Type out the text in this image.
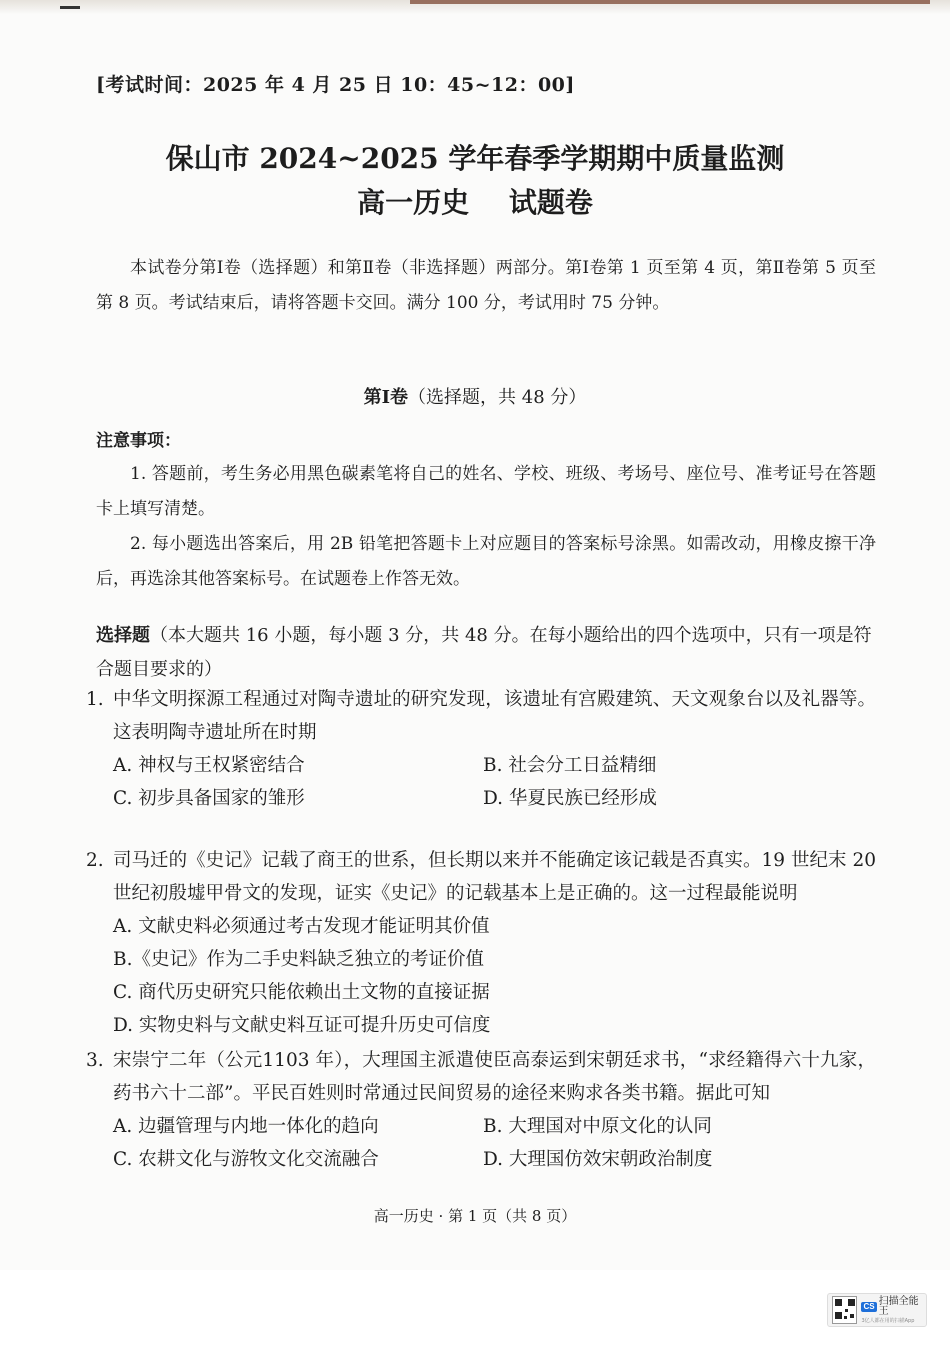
[考试时间：2025 年 4 月 25 日 10：45~12：00]
保山市 2024~2025 学年春季学期期中质量监测
高一历史 试题卷

本试卷分第Ⅰ卷（选择题）和第Ⅱ卷（非选择题）两部分。第Ⅰ卷第 1 页至第 4 页，第Ⅱ卷第 5 页至第 8 页。考试结束后，请将答题卡交回。满分 100 分，考试用时 75 分钟。

第Ⅰ卷（选择题，共 48 分）
注意事项：

1. 答题前，考生务必用黑色碳素笔将自己的姓名、学校、班级、考场号、座位号、准考证号在答题卡上填写清楚。

2. 每小题选出答案后，用 2B 铅笔把答题卡上对应题目的答案标号涂黑。如需改动，用橡皮擦干净后，再选涂其他答案标号。在试题卷上作答无效。

选择题（本大题共 16 小题，每小题 3 分，共 48 分。在每小题给出的四个选项中，只有一项是符合题目要求的）
1. 中华文明探源工程通过对陶寺遗址的研究发现，该遗址有宫殿建筑、天文观象台以及礼器等。这表明陶寺遗址所在时期
A. 神权与王权紧密结合	B. 社会分工日益精细
C. 初步具备国家的雏形	D. 华夏民族已经形成
2. 司马迁的《史记》记载了商王的世系，但长期以来并不能确定该记载是否真实。19 世纪末 20 世纪初殷墟甲骨文的发现，证实《史记》的记载基本上是正确的。这一过程最能说明
A. 文献史料必须通过考古发现才能证明其价值
B.《史记》作为二手史料缺乏独立的考证价值
C. 商代历史研究只能依赖出土文物的直接证据
D. 实物史料与文献史料互证可提升历史可信度
3. 宋崇宁二年（公元1103 年），大理国主派遣使臣高泰运到宋朝廷求书，“求经籍得六十九家，药书六十二部”。平民百姓则时常通过民间贸易的途径来购求各类书籍。据此可知
A. 边疆管理与内地一体化的趋向	B. 大理国对中原文化的认同
C. 农耕文化与游牧文化交流融合	D. 大理国仿效宋朝政治制度
高一历史 · 第 1 页（共 8 页）
CS 扫描全能王
3亿人都在用的扫描App
